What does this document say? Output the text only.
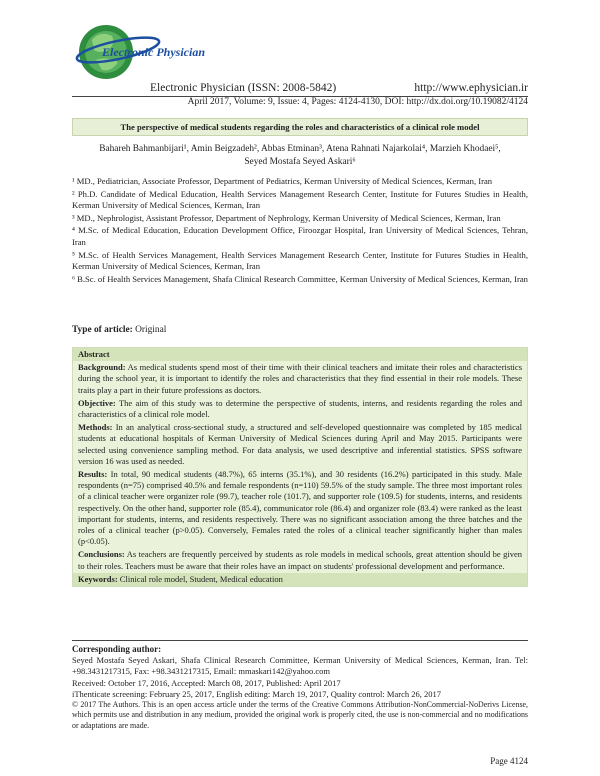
Electronic Physician
Electronic Physician (ISSN: 2008-5842)	http://www.ephysician.ir
April 2017, Volume: 9, Issue: 4, Pages: 4124-4130, DOI: http://dx.doi.org/10.19082/4124
The perspective of medical students regarding the roles and characteristics of a clinical role model
Bahareh Bahmanbijari¹, Amin Beigzadeh², Abbas Etminan³, Atena Rahnati Najarkolai⁴, Marzieh Khodaei⁵,
Seyed Mostafa Seyed Askari⁶

¹ MD., Pediatrician, Associate Professor, Department of Pediatrics, Kerman University of Medical Sciences, Kerman, Iran

² Ph.D. Candidate of Medical Education, Health Services Management Research Center, Institute for Futures Studies in Health, Kerman University of Medical Sciences, Kerman, Iran

³ MD., Nephrologist, Assistant Professor, Department of Nephrology, Kerman University of Medical Sciences, Kerman, Iran

⁴ M.Sc. of Medical Education, Education Development Office, Firoozgar Hospital, Iran University of Medical Sciences, Tehran, Iran

⁵ M.Sc. of Health Services Management, Health Services Management Research Center, Institute for Futures Studies in Health, Kerman University of Medical Sciences, Kerman, Iran

⁶ B.Sc. of Health Services Management, Shafa Clinical Research Committee, Kerman University of Medical Sciences, Kerman, Iran

Type of article: Original
Abstract

Background: As medical students spend most of their time with their clinical teachers and imitate their roles and characteristics during the school year, it is important to identify the roles and characteristics that they find essential in their role models. These traits play a part in their future professions as doctors.

Objective: The aim of this study was to determine the perspective of students, interns, and residents regarding the roles and characteristics of a clinical role model.

Methods: In an analytical cross-sectional study, a structured and self-developed questionnaire was completed by 185 medical students at educational hospitals of Kerman University of Medical Sciences during April and May 2015. Participants were selected using convenience sampling method. For data analysis, we used descriptive and inferential statistics. SPSS software version 16 was used as needed.

Results: In total, 90 medical students (48.7%), 65 interns (35.1%), and 30 residents (16.2%) participated in this study. Male respondents (n=75) comprised 40.5% and female respondents (n=110) 59.5% of the study sample. The three most important roles of a clinical teacher were organizer role (99.7), teacher role (101.7), and supporter role (109.5) for students, interns, and residents respectively. On the other hand, supporter role (85.4), communicator role (86.4) and organizer role (83.4) were ranked as the least important for students, interns, and residents respectively. There was no significant association among the three batches and the roles of a clinical teacher (p>0.05). Conversely, Females rated the roles of a clinical teacher significantly higher than males (p<0.05).

Conclusions: As teachers are frequently perceived by students as role models in medical schools, great attention should be given to their roles. Teachers must be aware that their roles have an impact on students' professional development and performance.

Keywords: Clinical role model, Student, Medical education

Corresponding author:

Seyed Mostafa Seyed Askari, Shafa Clinical Research Committee, Kerman University of Medical Sciences, Kerman, Iran. Tel: +98.3431217315, Fax: +98.3431217315, Email: mmaskari142@yahoo.com

Received: October 17, 2016, Accepted: March 08, 2017, Published: April 2017

iThenticate screening: February 25, 2017, English editing: March 19, 2017, Quality control: March 26, 2017

© 2017 The Authors. This is an open access article under the terms of the Creative Commons Attribution-NonCommercial-NoDerivs License, which permits use and distribution in any medium, provided the original work is properly cited, the use is non-commercial and no modifications or adaptations are made.

Page 4124
